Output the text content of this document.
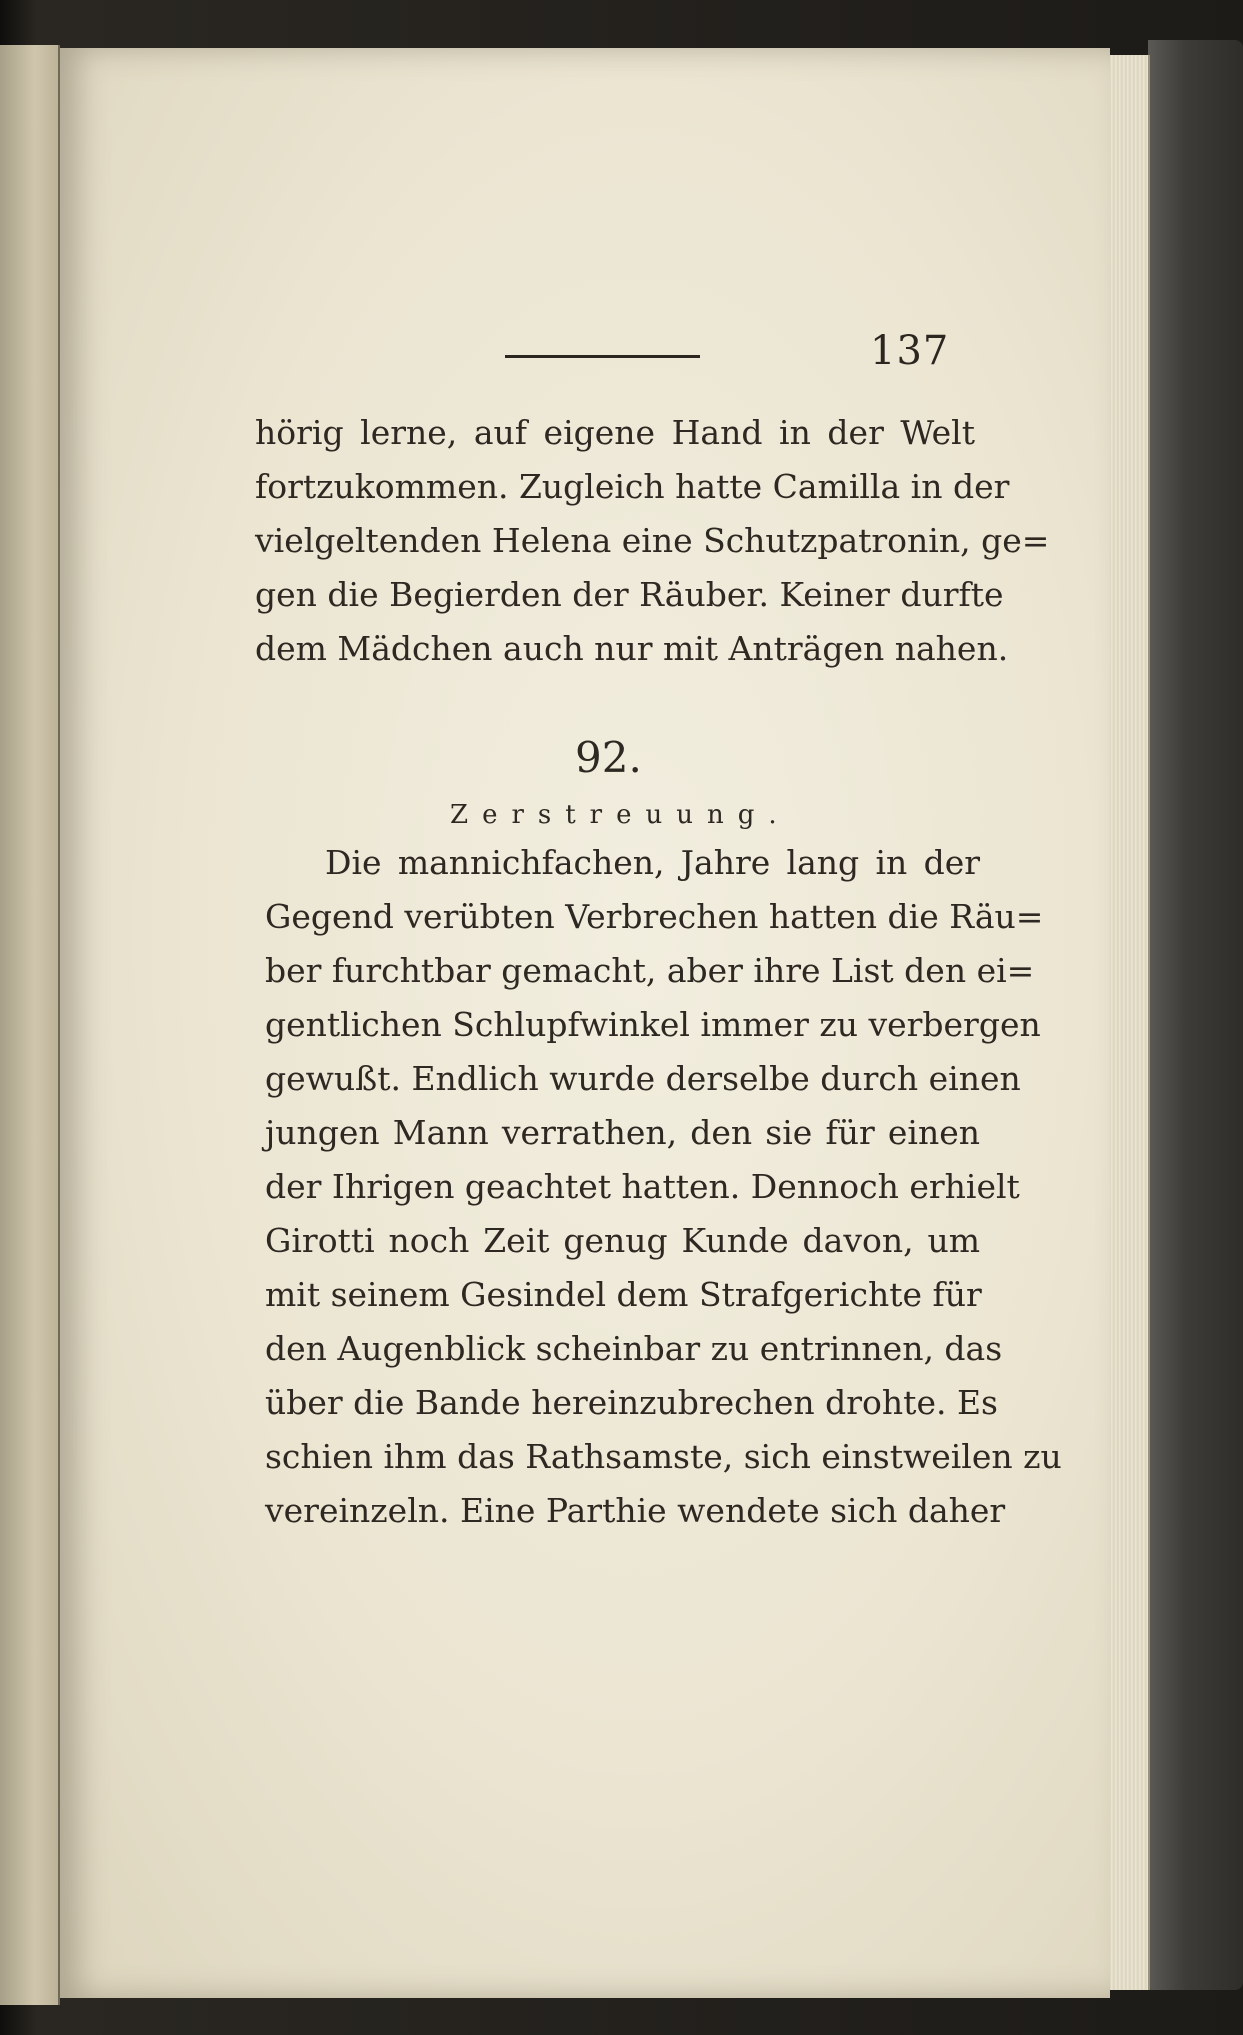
137
hörig lerne, auf eigene Hand in der Welt
fortzukommen. Zugleich hatte Camilla in der
vielgeltenden Helena eine Schutzpatronin, ge=
gen die Begierden der Räuber. Keiner durfte
dem Mädchen auch nur mit Anträgen nahen.
92.
Zerstreuung.
Die mannichfachen, Jahre lang in der
Gegend verübten Verbrechen hatten die Räu=
ber furchtbar gemacht, aber ihre List den ei=
gentlichen Schlupfwinkel immer zu verbergen
gewußt. Endlich wurde derselbe durch einen
jungen Mann verrathen, den sie für einen
der Ihrigen geachtet hatten. Dennoch erhielt
Girotti noch Zeit genug Kunde davon, um
mit seinem Gesindel dem Strafgerichte für
den Augenblick scheinbar zu entrinnen, das
über die Bande hereinzubrechen drohte. Es
schien ihm das Rathsamste, sich einstweilen zu
vereinzeln. Eine Parthie wendete sich daher
